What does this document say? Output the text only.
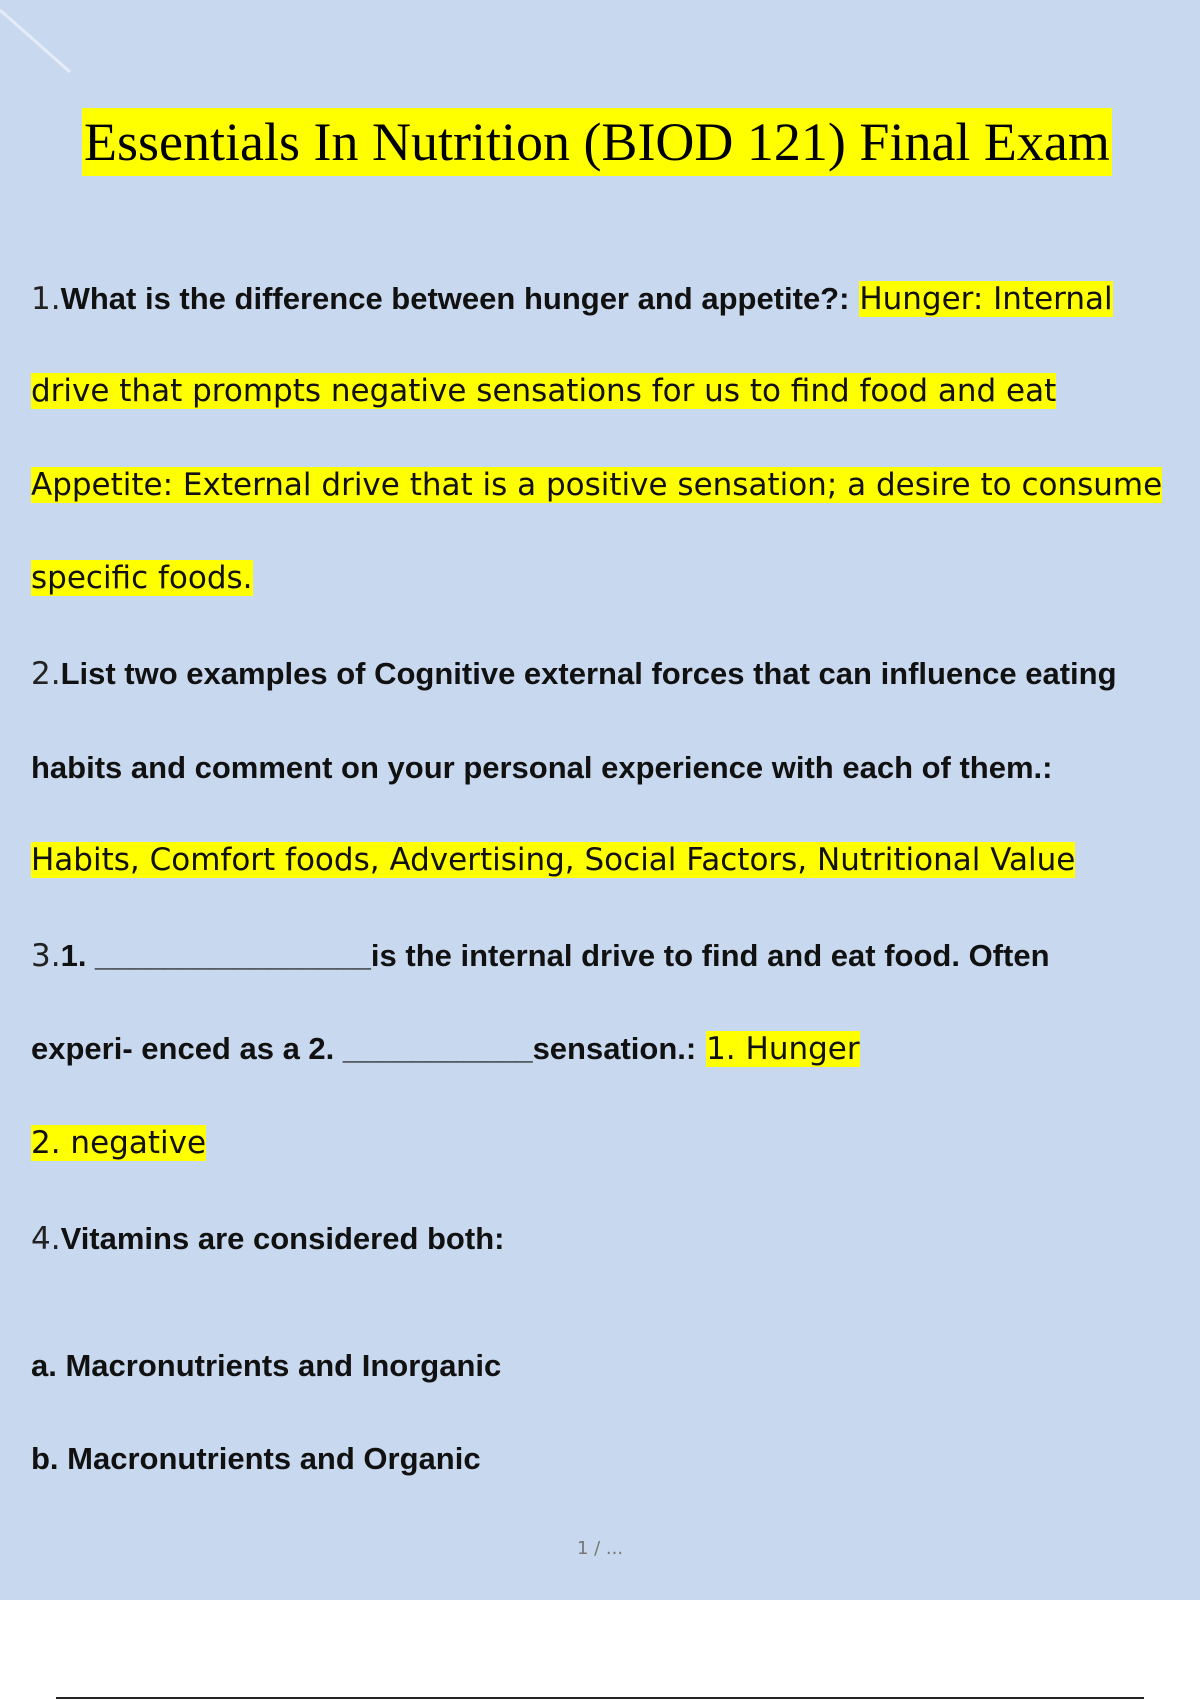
Essentials In Nutrition (BIOD 121) Final Exam
1.What is the difference between hunger and appetite?: Hunger: Internal
drive that prompts negative sensations for us to find food and eat
Appetite: External drive that is a positive sensation; a desire to consume
specific foods.
2.List two examples of Cognitive external forces that can influence eating
habits and comment on your personal experience with each of them.:
Habits, Comfort foods, Advertising, Social Factors, Nutritional Value
3.1. ________________is the internal drive to find and eat food. Often
experi- enced as a 2. ___________sensation.: 1. Hunger
2. negative
4.Vitamins are considered both:
a. Macronutrients and Inorganic
b. Macronutrients and Organic
1 / ...
